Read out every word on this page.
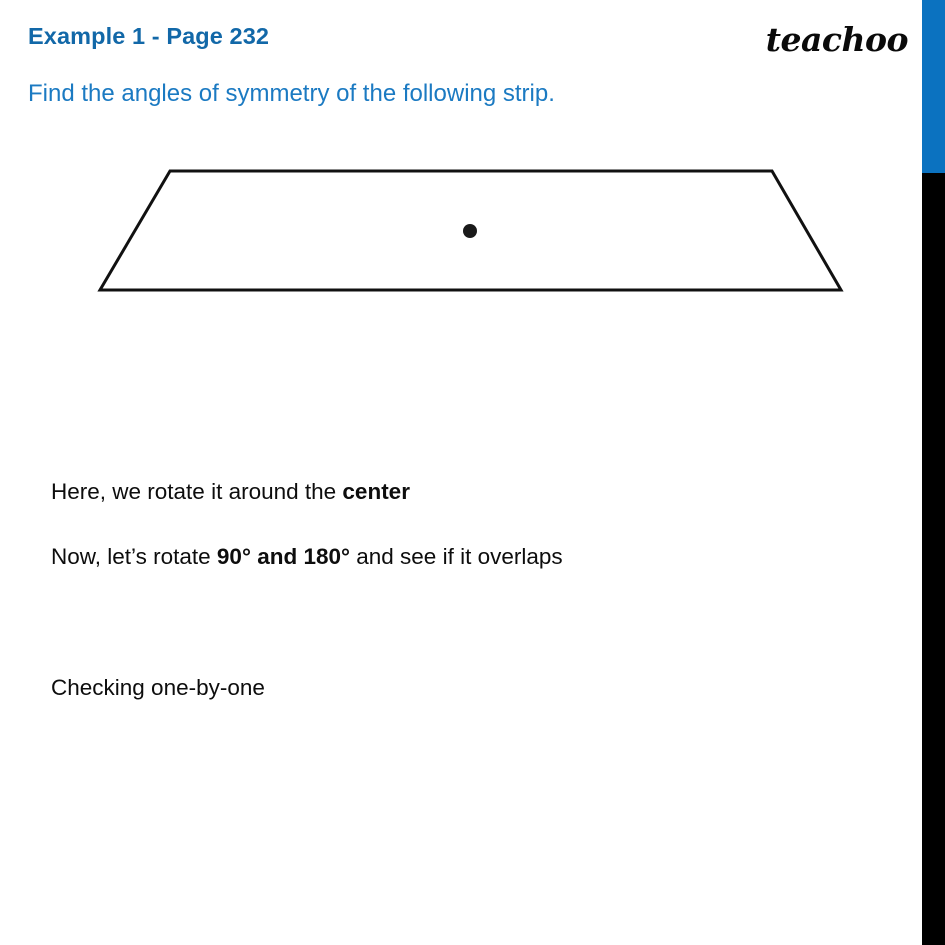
Example 1 - Page 232
Find the angles of symmetry of the following strip.
teachoo
Here, we rotate it around the center
Now, let’s rotate 90° and 180° and see if it overlaps
Checking one-by-one
